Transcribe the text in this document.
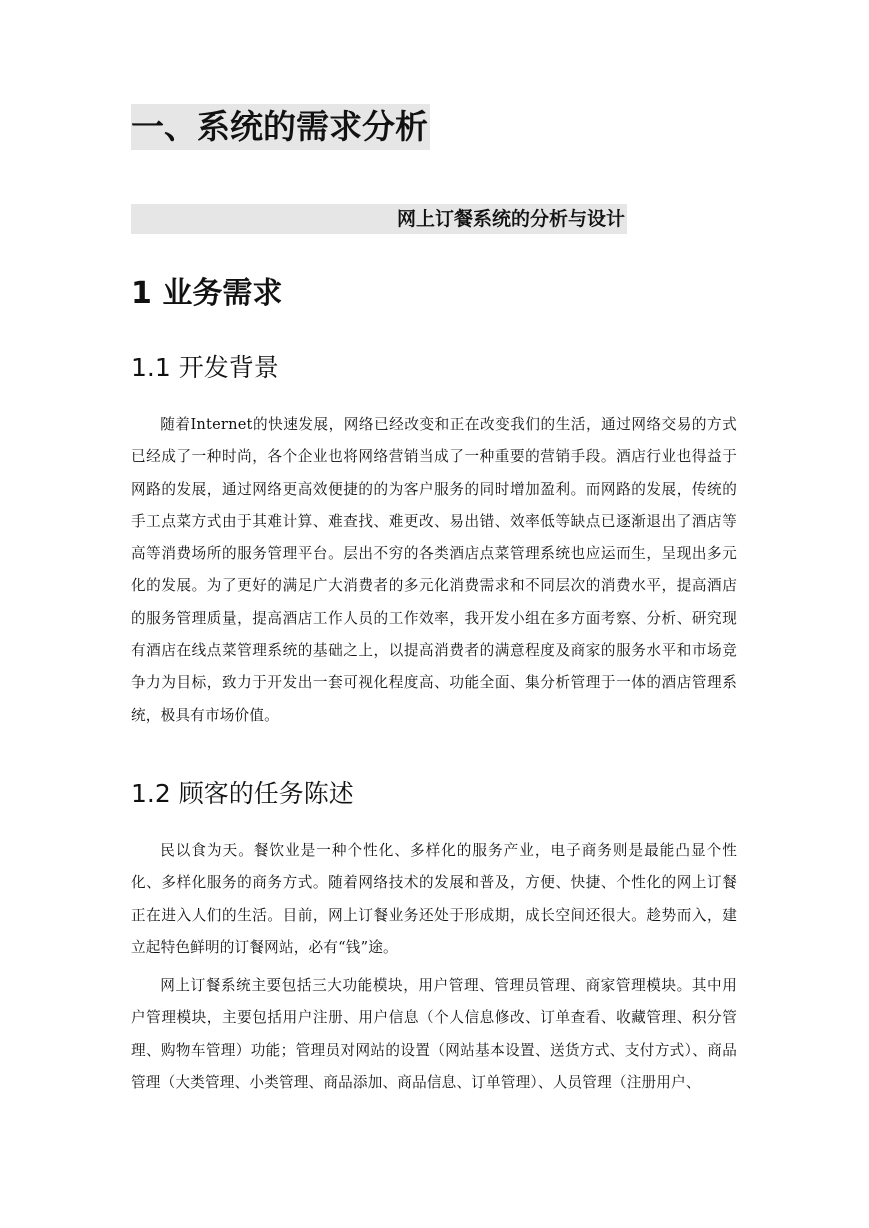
一、系统的需求分析
网上订餐系统的分析与设计
1 业务需求
1.1 开发背景

随着Internet的快速发展，网络已经改变和正在改变我们的生活，通过网络交易的方式已经成了一种时尚，各个企业也将网络营销当成了一种重要的营销手段。酒店行业也得益于网路的发展，通过网络更高效便捷的的为客户服务的同时增加盈利。而网路的发展，传统的手工点菜方式由于其难计算、难查找、难更改、易出错、效率低等缺点已逐渐退出了酒店等高等消费场所的服务管理平台。层出不穷的各类酒店点菜管理系统也应运而生，呈现出多元化的发展。为了更好的满足广大消费者的多元化消费需求和不同层次的消费水平，提高酒店的服务管理质量，提高酒店工作人员的工作效率，我开发小组在多方面考察、分析、研究现有酒店在线点菜管理系统的基础之上，以提高消费者的满意程度及商家的服务水平和市场竞争力为目标，致力于开发出一套可视化程度高、功能全面、集分析管理于一体的酒店管理系统，极具有市场价值。

1.2 顾客的任务陈述

民以食为天。餐饮业是一种个性化、多样化的服务产业，电子商务则是最能凸显个性化、多样化服务的商务方式。随着网络技术的发展和普及，方便、快捷、个性化的网上订餐正在进入人们的生活。目前，网上订餐业务还处于形成期，成长空间还很大。趁势而入，建立起特色鲜明的订餐网站，必有“钱”途。

网上订餐系统主要包括三大功能模块，用户管理、管理员管理、商家管理模块。其中用户管理模块，主要包括用户注册、用户信息（个人信息修改、订单查看、收藏管理、积分管理、购物车管理）功能；管理员对网站的设置（网站基本设置、送货方式、支付方式）、商品管理（大类管理、小类管理、商品添加、商品信息、订单管理）、人员管理（注册用户、
